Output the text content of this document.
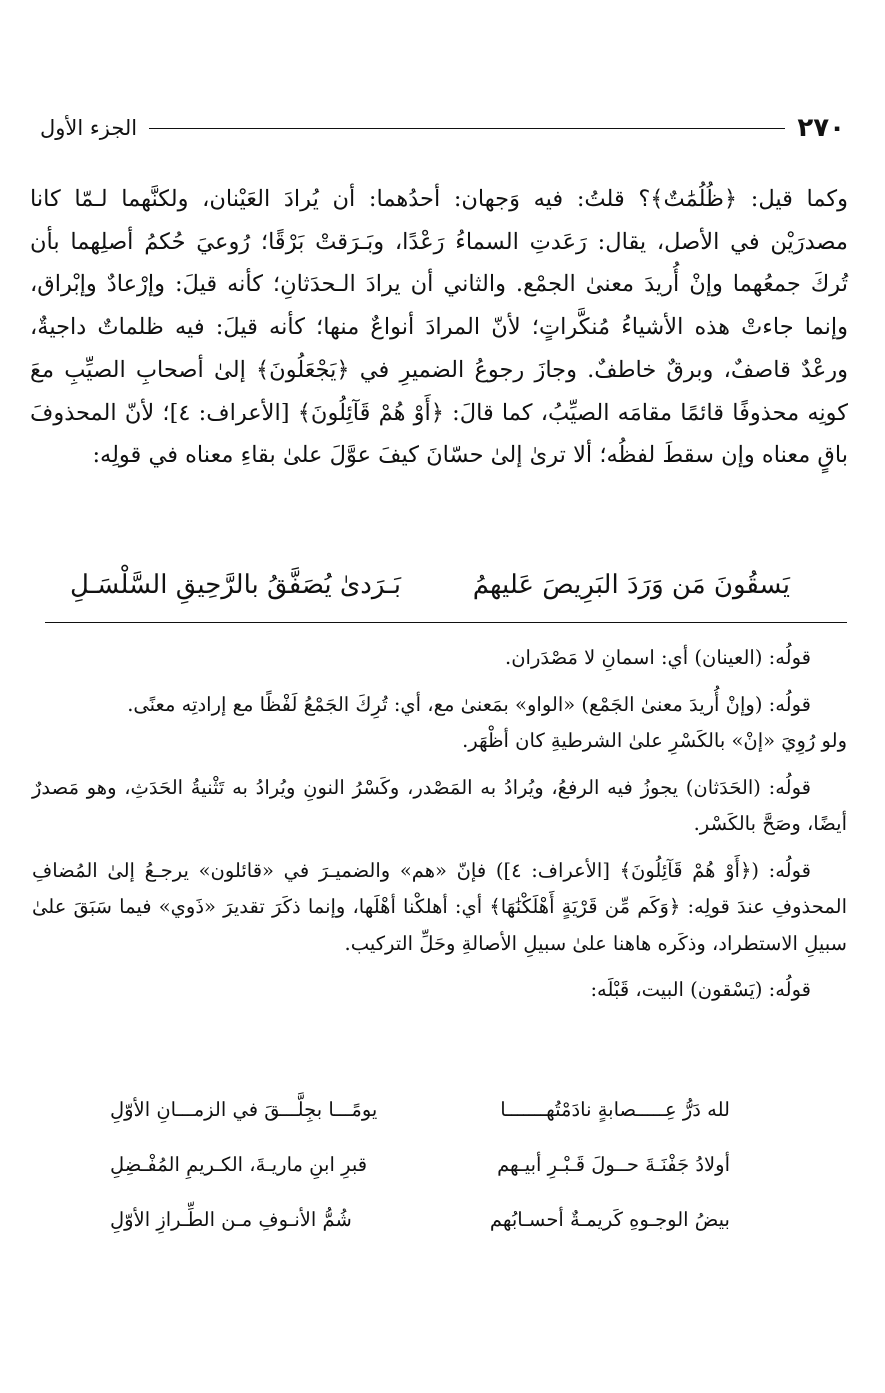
٢٧٠
الجزء الأول

وكما قيل: ﴿ظُلُمَٰتٌ﴾؟ قلتُ: فيه وَجهان: أحدُهما: أن يُرادَ العَيْنان، ولكنَّهما لـمّا كانا مصدرَيْن في الأصل، يقال: رَعَدتِ السماءُ رَعْدًا، وبَـرَقتْ بَرْقًا؛ رُوعيَ حُكمُ أصلِهما بأن تُركَ جمعُهما وإنْ أُريدَ معنىٰ الجمْع. والثاني أن يرادَ الـحدَثانِ؛ كأنه قيلَ: وإرْعادٌ وإبْراق، وإنما جاءتْ هذه الأشياءُ مُنكَّراتٍ؛ لأنّ المرادَ أنواعٌ منها؛ كأنه قيلَ: فيه ظلماتٌ داجيةٌ، ورعْدٌ قاصفٌ، وبرقٌ خاطفٌ. وجازَ رجوعُ الضميرِ في ﴿يَجْعَلُونَ﴾ إلىٰ أصحابِ الصيِّبِ معَ كونِه محذوفًا قائمًا مقامَه الصيِّبُ، كما قالَ: ﴿أَوْ هُمْ قَآئِلُونَ﴾ [الأعراف: ٤]؛ لأنّ المحذوفَ باقٍ معناه وإن سقطَ لفظُه؛ ألا ترىٰ إلىٰ حسّانَ كيفَ عوَّلَ علىٰ بقاءِ معناه في قولِه:

يَسقُونَ مَن وَرَدَ البَرِيصَ عَليهمُ
بَـرَدىٰ يُصَفَّقُ بالرَّحِيقِ السَّلْسَـلِ

قولُه: (العينان) أي: اسمانِ لا مَصْدَران.

قولُه: (وإنْ أُريدَ معنىٰ الجَمْع) «الواو» بمَعنىٰ مع، أي: تُرِكَ الجَمْعُ لَفْظًا مع إرادتِه معنًى.

ولو رُوِيَ «إنْ» بالكَسْرِ علىٰ الشرطيةِ كان أظْهَر.

قولُه: (الحَدَثان) يجوزُ فيه الرفعُ، ويُرادُ به المَصْدر، وكَسْرُ النونِ ويُرادُ به تَثْنيةُ الحَدَثِ، وهو مَصدرٌ أيضًا، وصَحَّ بالكَسْر.

قولُه: (﴿أَوْ هُمْ قَآئِلُونَ﴾ [الأعراف: ٤]) فإنّ «هم» والضميـرَ في «قائلون» يرجـعُ إلىٰ المُضافِ المحذوفِ عندَ قولِه: ﴿وَكَم مِّن قَرْيَةٍ أَهْلَكْنَٰهَا﴾ أي: أهلكْنا أهْلَها، وإنما ذكَرَ تقديرَ «ذَوي» فيما سَبَقَ علىٰ سبيلِ الاستطراد، وذكَره هاهنا علىٰ سبيلِ الأصالةِ وحَلِّ التركيب.

قولُه: (يَسْقون) البيت، قَبْلَه:

لله دَرُّ عِـــــصابةٍ نادَمْتُهـــــــا
يومًـــا بجِلَّـــقَ في الزمـــانِ الأوّلِ
أولادُ جَفْنَـةَ حــولَ قَـبْـرِ أبيـهم
قبرِ ابنِ ماريـةَ، الكـريمِ المُفْـضِلِ
بيضُ الوجـوهِ كَريمـةٌ أحسـابُهم
شُمُّ الأنـوفِ مـن الطِّـرازِ الأوّلِ
